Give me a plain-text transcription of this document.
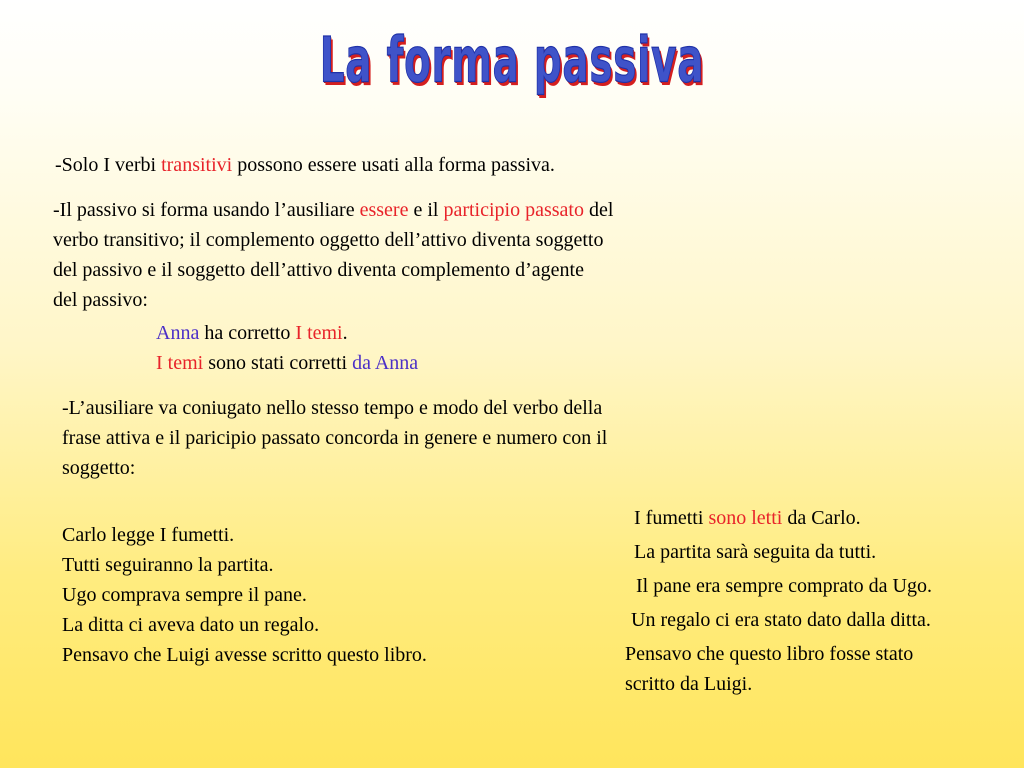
La forma passiva
-Solo I verbi transitivi possono essere usati alla forma passiva.

-Il passivo si forma usando l’ausiliare essere e il participio passato del

verbo transitivo; il complemento oggetto dell’attivo diventa soggetto

del passivo e il soggetto dell’attivo diventa complemento d’agente

del passivo:

Anna ha corretto I temi.
I temi sono stati corretti da Anna

-L’ausiliare va coniugato nello stesso tempo e modo del verbo della

frase attiva e il paricipio passato concorda in genere e numero con il

soggetto:

Carlo legge I fumetti.

Tutti seguiranno la partita.

Ugo comprava sempre il pane.

La ditta ci aveva dato un regalo.

Pensavo che Luigi avesse scritto questo libro.

I fumetti sono letti da Carlo.
La partita sarà seguita da tutti.
Il pane era sempre comprato da Ugo.
Un regalo ci era stato dato dalla ditta.

Pensavo che questo libro fosse stato

scritto da Luigi.
